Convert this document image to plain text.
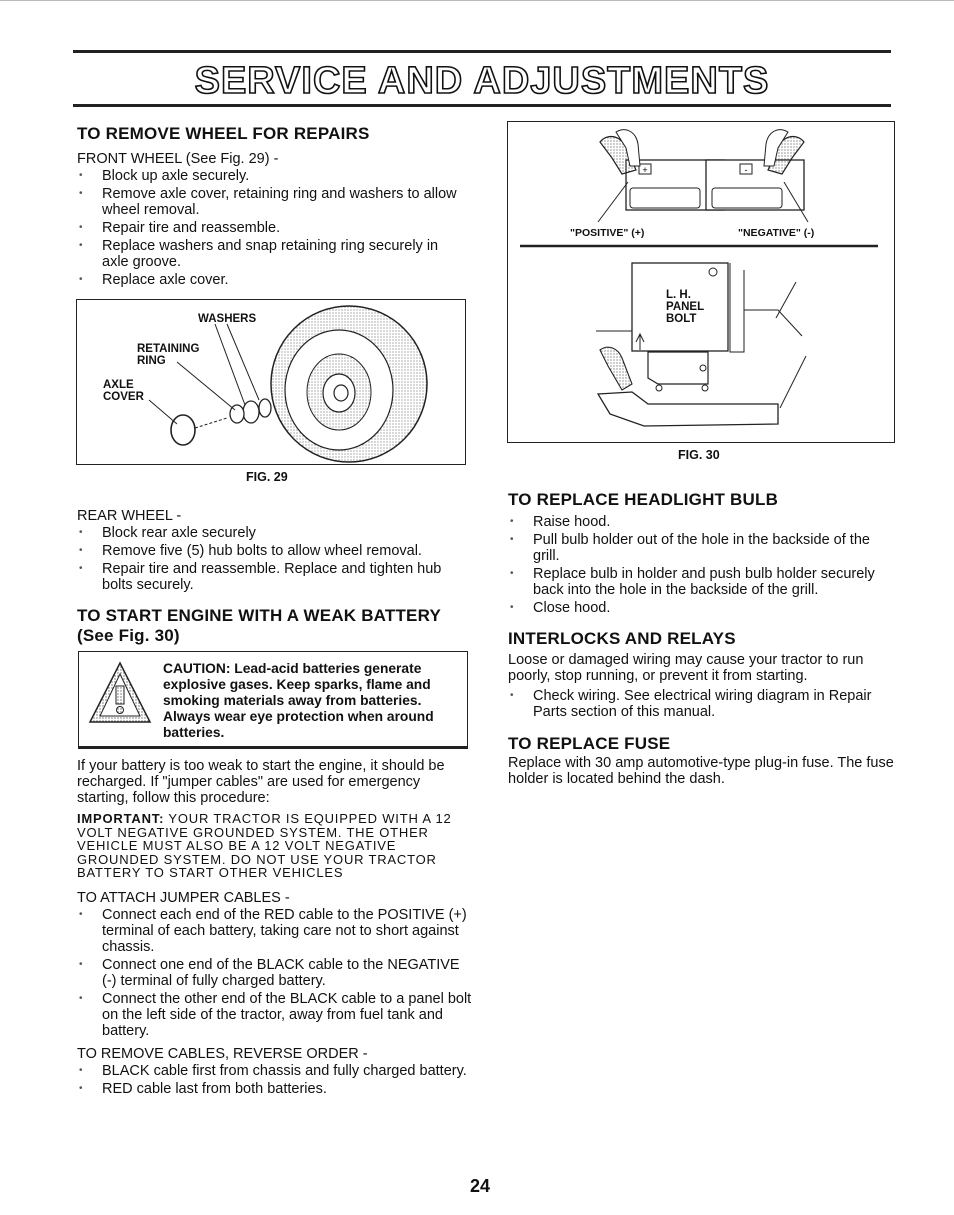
SERVICE AND ADJUSTMENTS
TO REMOVE WHEEL FOR REPAIRS
FRONT WHEEL (See Fig. 29) -
• Block up axle securely.
• Remove axle cover, retaining ring and washers to allow wheel removal.
• Repair tire and reassemble.
• Replace washers and snap retaining ring securely in axle groove.
• Replace axle cover.
WASHERS
RETAINING
RING
AXLE
COVER
FIG. 29
REAR WHEEL -
• Block rear axle securely
• Remove five (5) hub bolts to allow wheel removal.
• Repair tire and reassemble. Replace and tighten hub bolts securely.
TO START ENGINE WITH A WEAK BATTERY (See Fig. 30)
CAUTION: Lead-acid batteries generate explosive gases. Keep sparks, flame and smoking materials away from batteries. Always wear eye protection when around batteries.
If your battery is too weak to start the engine, it should be recharged. If "jumper cables" are used for emergency starting, follow this procedure:
IMPORTANT: YOUR TRACTOR IS EQUIPPED WITH A 12 VOLT NEGATIVE GROUNDED SYSTEM. THE OTHER VEHICLE MUST ALSO BE A 12 VOLT NEGATIVE GROUNDED SYSTEM. DO NOT USE YOUR TRACTOR BATTERY TO START OTHER VEHICLES
TO ATTACH JUMPER CABLES -
• Connect each end of the RED cable to the POSITIVE (+) terminal of each battery, taking care not to short against chassis.
• Connect one end of the BLACK cable to the NEGATIVE (-) terminal of fully charged battery.
• Connect the other end of the BLACK cable to a panel bolt on the left side of the tractor, away from fuel tank and battery.
TO REMOVE CABLES, REVERSE ORDER -
• BLACK cable first from chassis and fully charged battery.
• RED cable last from both batteries.
+	-
"POSITIVE" (+)	"NEGATIVE" (-)
L. H.
PANEL
BOLT
FIG. 30
TO REPLACE HEADLIGHT BULB
• Raise hood.
• Pull bulb holder out of the hole in the backside of the grill.
• Replace bulb in holder and push bulb holder securely back into the hole in the backside of the grill.
• Close hood.
INTERLOCKS AND RELAYS
Loose or damaged wiring may cause your tractor to run poorly, stop running, or prevent it from starting.
• Check wiring. See electrical wiring diagram in Repair Parts section of this manual.
TO REPLACE FUSE
Replace with 30 amp automotive-type plug-in fuse. The fuse holder is located behind the dash.
24
